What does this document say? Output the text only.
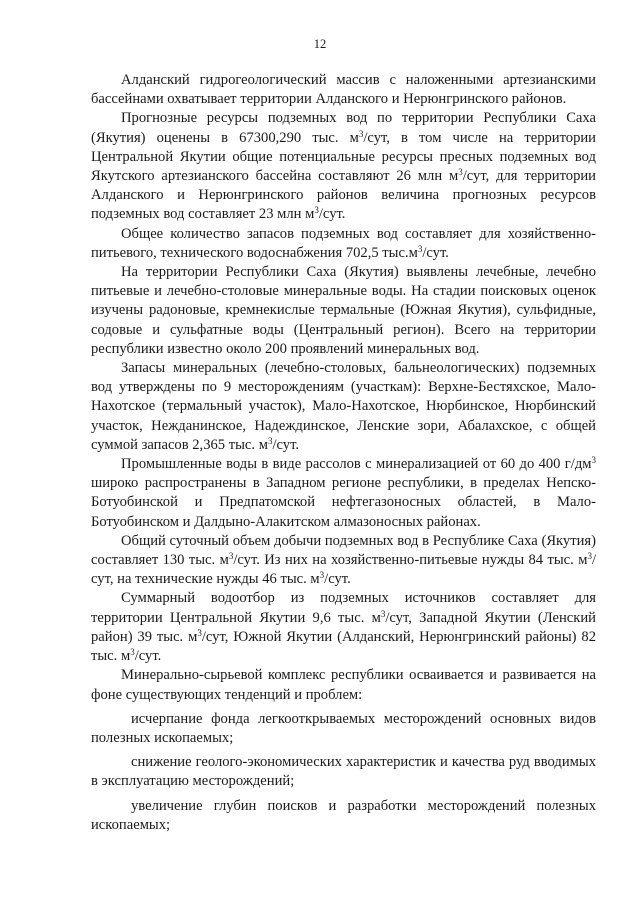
12

Алданский гидрогеологический массив с наложенными артезианскими бассейнами охватывает территории Алданского и Нерюнгринского районов.

Прогнозные ресурсы подземных вод по территории Республики Саха (Якутия) оценены в 67300,290 тыс. $м^3$/сут, в том числе на территории Центральной Якутии общие потенциальные ресурсы пресных подземных вод Якутского артезианского бассейна составляют 26 млн $м^3$/сут, для территории Алданского и Нерюнгринского районов величина прогнозных ресурсов подземных вод составляет 23 млн $м^3$/сут.

Общее количество запасов подземных вод составляет для хозяйственно-питьевого, технического водоснабжения 702,5 $тыс.м^3$/сут.

На территории Республики Саха (Якутия) выявлены лечебные, лечебно питьевые и лечебно-столовые минеральные воды. На стадии поисковых оценок изучены радоновые, кремнекислые термальные (Южная Якутия), сульфидные, содовые и сульфатные воды (Центральный регион). Всего на территории республики известно около 200 проявлений минеральных вод.

Запасы минеральных (лечебно-столовых, бальнеологических) подземных вод утверждены по 9 месторождениям (участкам): Верхне-Бестяхское, Мало-Нахотское (термальный участок), Мало-Нахотское, Нюрбинское, Нюрбинский участок, Нежданинское, Надеждинское, Ленские зори, Абалахское, с общей суммой запасов 2,365 тыс. $м^3$/сут.

Промышленные воды в виде рассолов с минерализацией от 60 до 400 $г/дм^3$ широко распространены в Западном регионе республики, в пределах Непско-Ботуобинской и Предпатомской нефтегазоносных областей, в Мало-Ботуобинском и Далдыно-Алакитском алмазоносных районах.

Общий суточный объем добычи подземных вод в Республике Саха (Якутия) составляет 130 тыс. $м^3$/сут. Из них на хозяйственно-питьевые нужды 84 тыс. $м^3$/сут, на технические нужды 46 тыс. $м^3$/сут.

Суммарный водоотбор из подземных источников составляет для территории Центральной Якутии 9,6 тыс. $м^3$/сут, Западной Якутии (Ленский район) 39 тыс. $м^3$/сут, Южной Якутии (Алданский, Нерюнгринский районы) 82 тыс. $м^3$/сут.

Минерально-сырьевой комплекс республики осваивается и развивается на фоне существующих тенденций и проблем:

исчерпание фонда легкооткрываемых месторождений основных видов полезных ископаемых;

снижение геолого-экономических характеристик и качества руд вводимых в эксплуатацию месторождений;

увеличение глубин поисков и разработки месторождений полезных ископаемых;
